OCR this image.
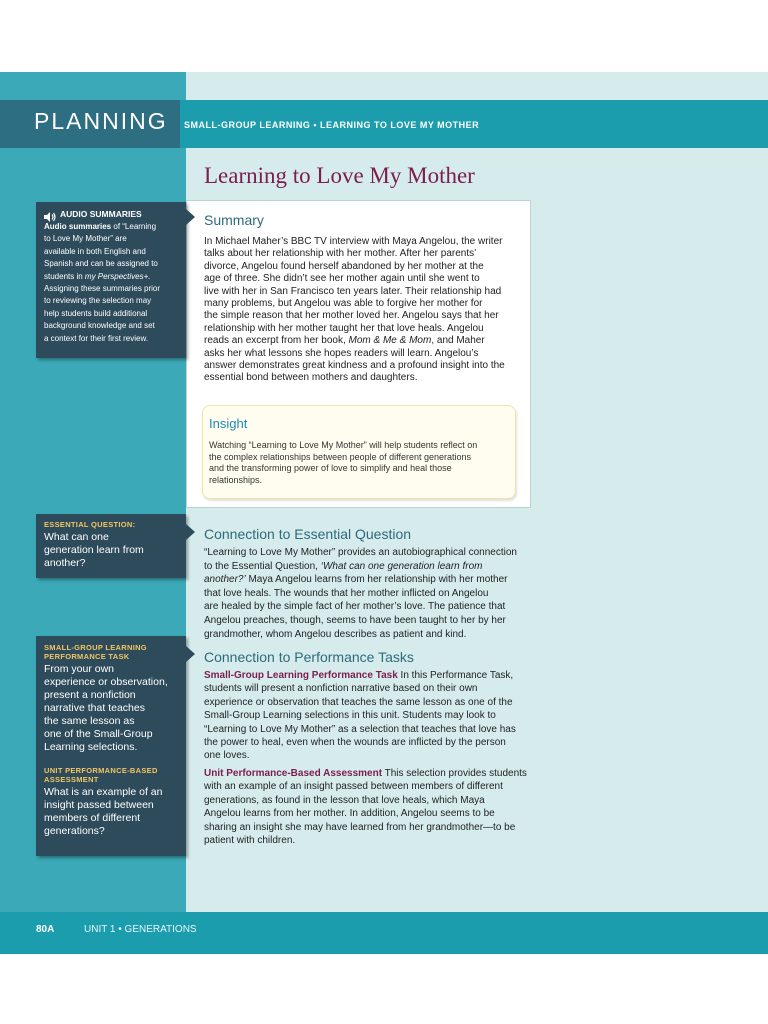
PLANNING SMALL-GROUP LEARNING • LEARNING TO LOVE MY MOTHER
Learning to Love My Mother
Summary
In Michael Maher’s BBC TV interview with Maya Angelou, the writer
talks about her relationship with her mother. After her parents’
divorce, Angelou found herself abandoned by her mother at the
age of three. She didn’t see her mother again until she went to
live with her in San Francisco ten years later. Their relationship had
many problems, but Angelou was able to forgive her mother for
the simple reason that her mother loved her. Angelou says that her
relationship with her mother taught her that love heals. Angelou
reads an excerpt from her book, Mom & Me & Mom, and Maher
asks her what lessons she hopes readers will learn. Angelou’s
answer demonstrates great kindness and a profound insight into the
essential bond between mothers and daughters.
Insight
Watching “Learning to Love My Mother” will help students reflect on
the complex relationships between people of different generations
and the transforming power of love to simplify and heal those
relationships.
Connection to Essential Question
“Learning to Love My Mother” provides an autobiographical connection
to the Essential Question, ‘What can one generation learn from
another?’ Maya Angelou learns from her relationship with her mother
that love heals. The wounds that her mother inflicted on Angelou
are healed by the simple fact of her mother’s love. The patience that
Angelou preaches, though, seems to have been taught to her by her
grandmother, whom Angelou describes as patient and kind.
Connection to Performance Tasks
Small-Group Learning Performance Task In this Performance Task,
students will present a nonfiction narrative based on their own
experience or observation that teaches the same lesson as one of the
Small-Group Learning selections in this unit. Students may look to
“Learning to Love My Mother” as a selection that teaches that love has
the power to heal, even when the wounds are inflicted by the person
one loves.
Unit Performance-Based Assessment This selection provides students
with an example of an insight passed between members of different
generations, as found in the lesson that love heals, which Maya
Angelou learns from her mother. In addition, Angelou seems to be
sharing an insight she may have learned from her grandmother—to be
patient with children.
AUDIO SUMMARIES
Audio summaries of “Learning
to Love My Mother” are
available in both English and
Spanish and can be assigned to
students in my Perspectives+.
Assigning these summaries prior
to reviewing the selection may
help students build additional
background knowledge and set
a context for their first review.
ESSENTIAL QUESTION:
What can one
generation learn from
another?
SMALL-GROUP LEARNING
PERFORMANCE TASK
From your own
experience or observation,
present a nonfiction
narrative that teaches
the same lesson as
one of the Small-Group
Learning selections.
UNIT PERFORMANCE-BASED
ASSESSMENT
What is an example of an
insight passed between
members of different
generations?
80A	UNIT 1 • GENERATIONS
